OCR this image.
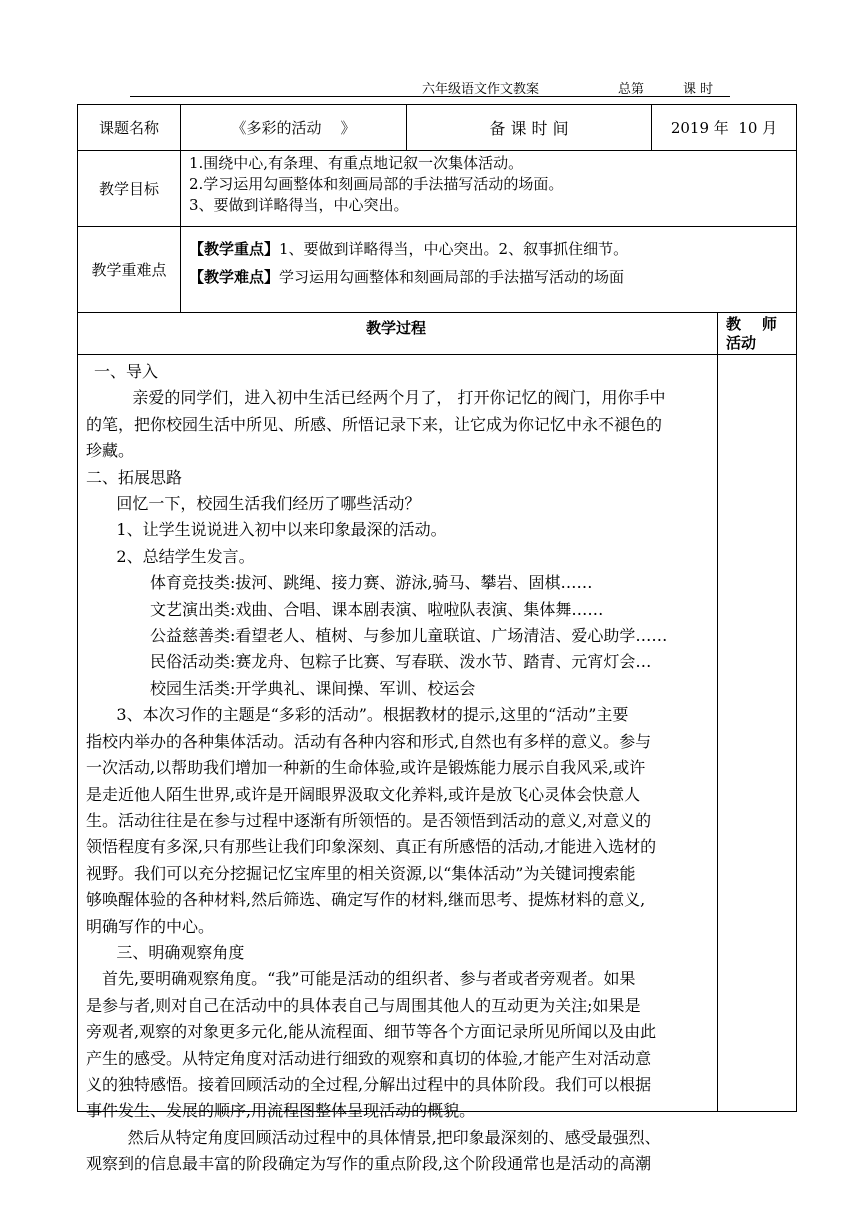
六年级语文作文教案	总第	课 时
课题名称	《多彩的活动    》	备 课 时 间	2019 年  10 月
教学目标
1.围绕中心,有条理、有重点地记叙一次集体活动。
2.学习运用勾画整体和刻画局部的手法描写活动的场面。
3、要做到详略得当，中心突出。
教学重难点
【教学重点】1、要做到详略得当，中心突出。2、叙事抓住细节。
【教学难点】学习运用勾画整体和刻画局部的手法描写活动的场面
教学过程	教    师
活动
一、导入
亲爱的同学们，进入初中生活已经两个月了， 打开你记忆的阀门，用你手中
的笔，把你校园生活中所见、所感、所悟记录下来，让它成为你记忆中永不褪色的
珍藏。
二、拓展思路
回忆一下，校园生活我们经历了哪些活动？
1、让学生说说进入初中以来印象最深的活动。
2、总结学生发言。
体育竞技类:拔河、跳绳、接力赛、游泳,骑马、攀岩、固棋……
文艺演出类:戏曲、合唱、课本剧表演、啦啦队表演、集体舞……
公益慈善类:看望老人、植树、与参加儿童联谊、广场清洁、爱心助学……
民俗活动类:赛龙舟、包粽子比赛、写春联、泼水节、踏青、元宵灯会…
校园生活类:开学典礼、课间操、军训、校运会
3、本次习作的主题是“多彩的活动”。根据教材的提示,这里的“活动”主要
指校内举办的各种集体活动。活动有各种内容和形式,自然也有多样的意义。参与
一次活动,以帮助我们增加一种新的生命体验,或许是锻炼能力展示自我风采,或许
是走近他人陌生世界,或许是开阔眼界汲取文化养料,或许是放飞心灵体会快意人
生。活动往往是在参与过程中逐渐有所领悟的。是否领悟到活动的意义,对意义的
领悟程度有多深,只有那些让我们印象深刻、真正有所感悟的活动,才能进入选材的
视野。我们可以充分挖掘记忆宝库里的相关资源,以“集体活动”为关键词搜索能
够唤醒体验的各种材料,然后筛选、确定写作的材料,继而思考、提炼材料的意义,
明确写作的中心。
三、明确观察角度
首先,要明确观察角度。“我”可能是活动的组织者、参与者或者旁观者。如果
是参与者,则对自己在活动中的具体表自己与周围其他人的互动更为关注;如果是
旁观者,观察的对象更多元化,能从流程面、细节等各个方面记录所见所闻以及由此
产生的感受。从特定角度对活动进行细致的观察和真切的体验,才能产生对活动意
义的独特感悟。接着回顾活动的全过程,分解出过程中的具体阶段。我们可以根据
事件发生、发展的顺序,用流程图整体呈现活动的概貌。
然后从特定角度回顾活动过程中的具体情景,把印象最深刻的、感受最强烈、
观察到的信息最丰富的阶段确定为写作的重点阶段,这个阶段通常也是活动的高潮
